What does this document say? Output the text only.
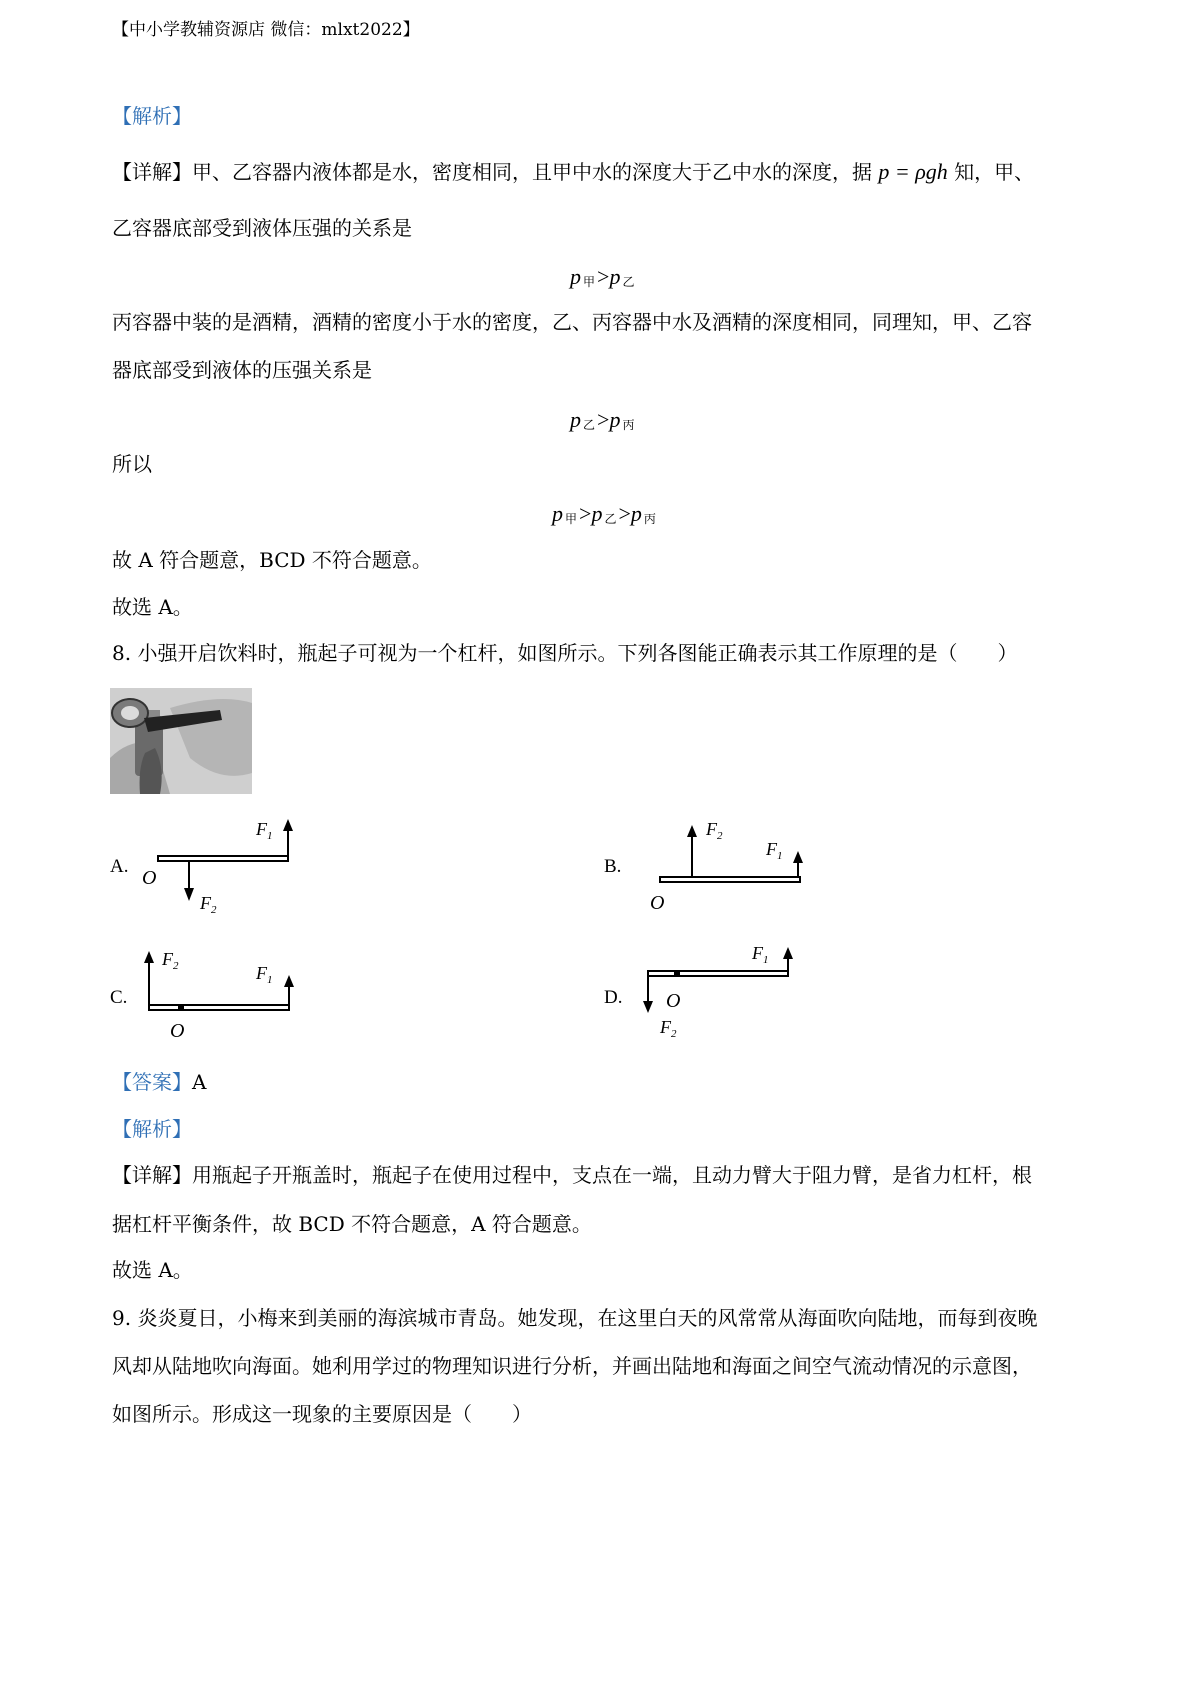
【中小学教辅资源店 微信：mlxt2022】
【解析】
【详解】甲、乙容器内液体都是水，密度相同，且甲中水的深度大于乙中水的深度，据 p = ρgh 知，甲、
乙容器底部受到液体压强的关系是
p甲>p 乙
丙容器中装的是酒精，酒精的密度小于水的密度，乙、丙容器中水及酒精的深度相同，同理知，甲、乙容
器底部受到液体的压强关系是
p乙>p 丙
所以
p甲>p 乙>p 丙
故 A 符合题意，BCD 不符合题意。
故选 A。
8. 小强开启饮料时，瓶起子可视为一个杠杆，如图所示。下列各图能正确表示其工作原理的是（　　）
A.
$F_1$
$F_2$
O
B.
$F_2$
$F_1$
O
C.
$F_2$	$F_1$
O
D.
$F_1$
$F_2$
O
【答案】A
【解析】
【详解】用瓶起子开瓶盖时，瓶起子在使用过程中，支点在一端，且动力臂大于阻力臂，是省力杠杆，根
据杠杆平衡条件，故 BCD 不符合题意，A 符合题意。
故选 A。
9. 炎炎夏日，小梅来到美丽的海滨城市青岛。她发现，在这里白天的风常常从海面吹向陆地，而每到夜晚
风却从陆地吹向海面。她利用学过的物理知识进行分析，并画出陆地和海面之间空气流动情况的示意图，
如图所示。形成这一现象的主要原因是（　　）
